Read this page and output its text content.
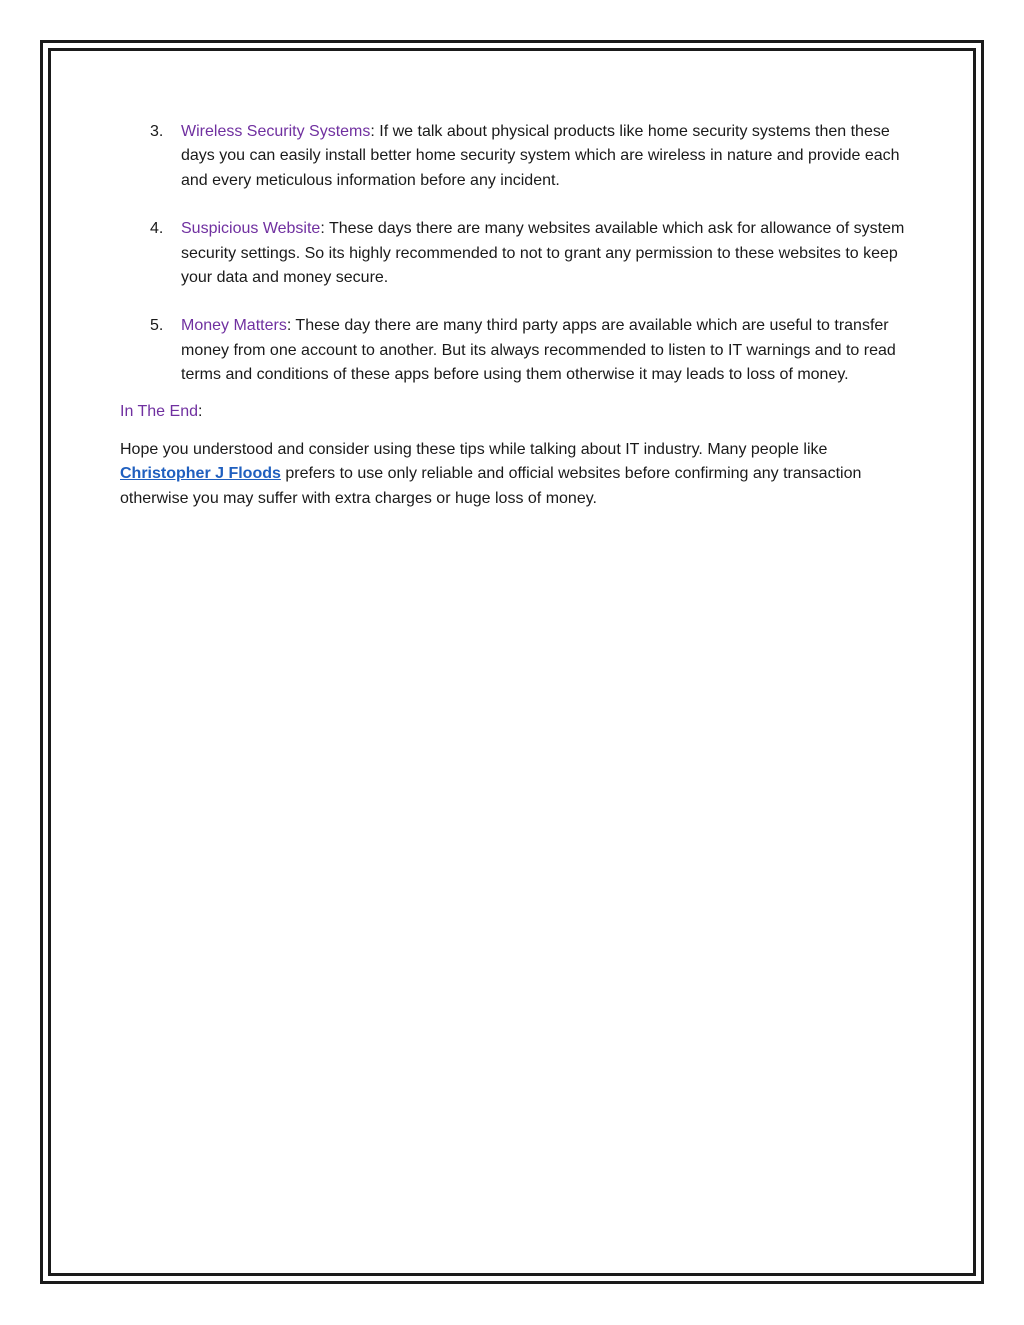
3. Wireless Security Systems: If we talk about physical products like home security systems then these days you can easily install better home security system which are wireless in nature and provide each and every meticulous information before any incident.
4. Suspicious Website: These days there are many websites available which ask for allowance of system security settings. So its highly recommended to not to grant any permission to these websites to keep your data and money secure.
5. Money Matters: These day there are many third party apps are available which are useful to transfer money from one account to another. But its always recommended to listen to IT warnings and to read terms and conditions of these apps before using them otherwise it may leads to loss of money.

In The End:

Hope you understood and consider using these tips while talking about IT industry. Many people like Christopher J Floods prefers to use only reliable and official websites before confirming any transaction otherwise you may suffer with extra charges or huge loss of money.
